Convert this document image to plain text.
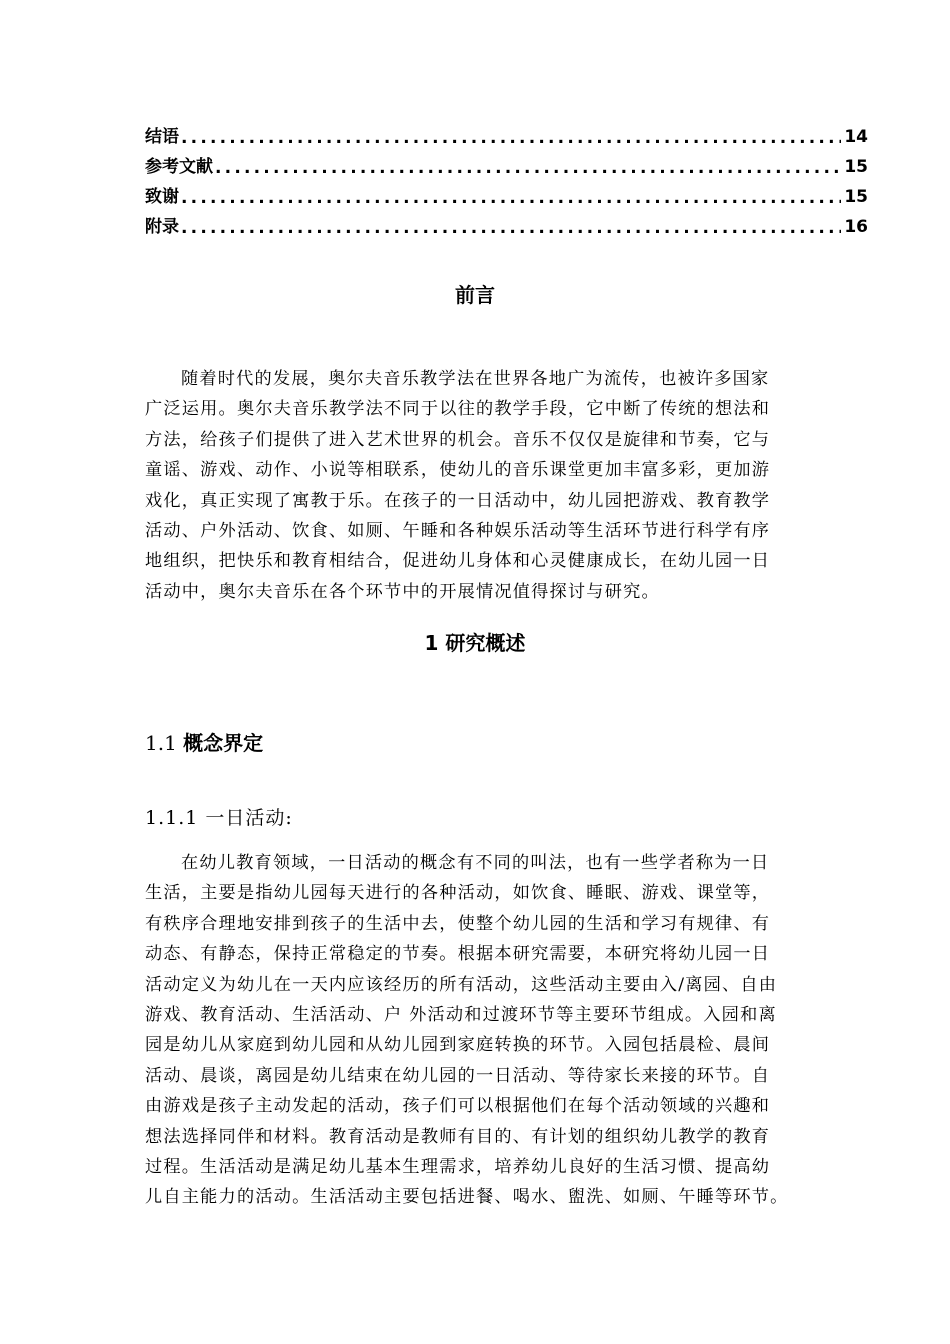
结语 .....	14
参考文献 .....	15
致谢 .....	15
附录 .....	16
前言
随着时代的发展，奥尔夫音乐教学法在世界各地广为流传，也被许多国家
广泛运用。奥尔夫音乐教学法不同于以往的教学手段，它中断了传统的想法和
方法，给孩子们提供了进入艺术世界的机会。音乐不仅仅是旋律和节奏，它与
童谣、游戏、动作、小说等相联系，使幼儿的音乐课堂更加丰富多彩，更加游
戏化，真正实现了寓教于乐。在孩子的一日活动中，幼儿园把游戏、教育教学
活动、户外活动、饮食、如厕、午睡和各种娱乐活动等生活环节进行科学有序
地组织，把快乐和教育相结合，促进幼儿身体和心灵健康成长，在幼儿园一日
活动中，奥尔夫音乐在各个环节中的开展情况值得探讨与研究。
1 研究概述
1.1 概念界定
1.1.1 一日活动:
在幼儿教育领域，一日活动的概念有不同的叫法，也有一些学者称为一日
生活，主要是指幼儿园每天进行的各种活动，如饮食、睡眠、游戏、课堂等，
有秩序合理地安排到孩子的生活中去，使整个幼儿园的生活和学习有规律、有
动态、有静态，保持正常稳定的节奏。根据本研究需要，本研究将幼儿园一日
活动定义为幼儿在一天内应该经历的所有活动，这些活动主要由入/离园、自由
游戏、教育活动、生活活动、户 外活动和过渡环节等主要环节组成。入园和离
园是幼儿从家庭到幼儿园和从幼儿园到家庭转换的环节。入园包括晨检、晨间
活动、晨谈，离园是幼儿结束在幼儿园的一日活动、等待家长来接的环节。自
由游戏是孩子主动发起的活动，孩子们可以根据他们在每个活动领域的兴趣和
想法选择同伴和材料。教育活动是教师有目的、有计划的组织幼儿教学的教育
过程。生活活动是满足幼儿基本生理需求，培养幼儿良好的生活习惯、提高幼
儿自主能力的活动。生活活动主要包括进餐、喝水、盥洗、如厕、午睡等环节。
